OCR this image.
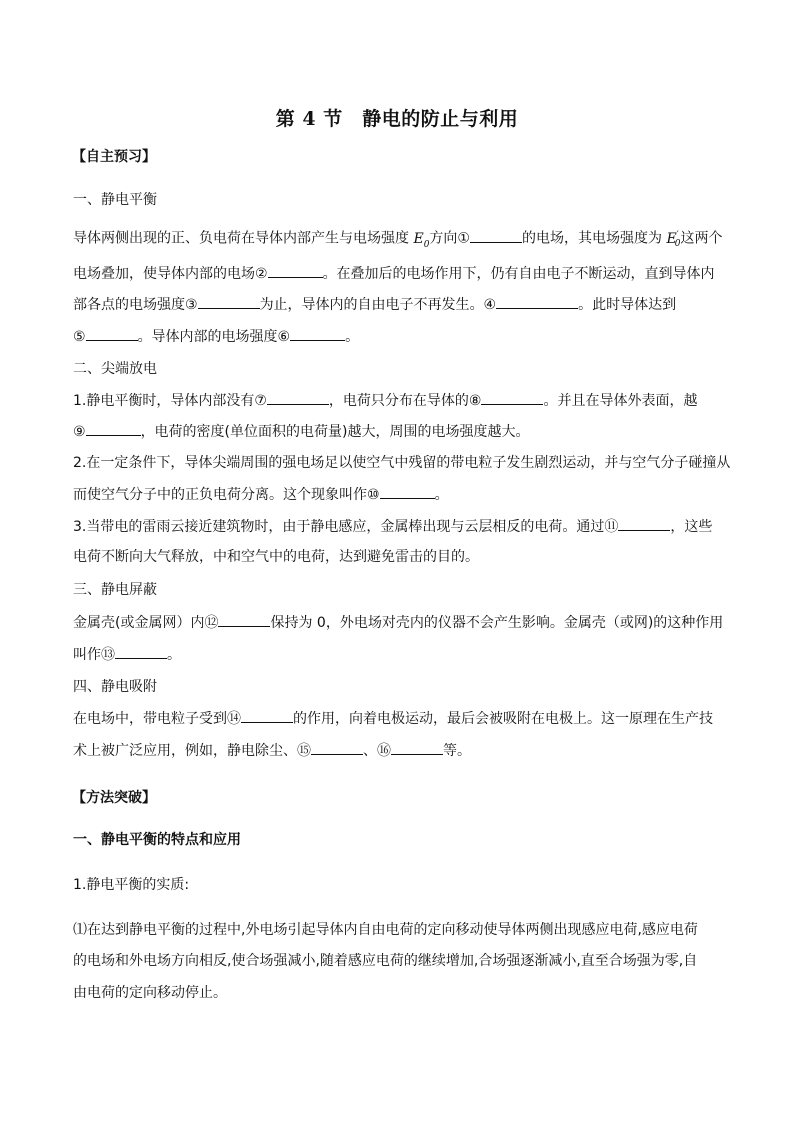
第 4 节　静电的防止与利用
【自主预习】
一、静电平衡
导体两侧出现的正、负电荷在导体内部产生与电场强度 $E_0$方向①	的电场，其电场强度为 $E'_0$这两个
电场叠加，使导体内部的电场②	。在叠加后的电场作用下，仍有自由电子不断运动，直到导体内
部各点的电场强度③	为止，导体内的自由电子不再发生。④	。此时导体达到
⑤	。导体内部的电场强度⑥	。
二、尖端放电
1.静电平衡时，导体内部没有⑦	，电荷只分布在导体的⑧	。并且在导体外表面，越
⑨	，电荷的密度(单位面积的电荷量)越大，周围的电场强度越大。
2.在一定条件下，导体尖端周围的强电场足以使空气中残留的带电粒子发生剧烈运动，并与空气分子碰撞从
而使空气分子中的正负电荷分离。这个现象叫作⑩	。
3.当带电的雷雨云接近建筑物时，由于静电感应，金属棒出现与云层相反的电荷。通过⑪	，这些
电荷不断向大气释放，中和空气中的电荷，达到避免雷击的目的。
三、静电屏蔽
金属壳(或金属网）内⑫	保持为 0，外电场对壳内的仪器不会产生影响。金属壳（或网)的这种作用
叫作⑬	。
四、静电吸附
在电场中，带电粒子受到⑭	的作用，向着电极运动，最后会被吸附在电极上。这一原理在生产技
术上被广泛应用，例如，静电除尘、⑮	、⑯	等。
【方法突破】
一、静电平衡的特点和应用
1.静电平衡的实质:
⑴在达到静电平衡的过程中,外电场引起导体内自由电荷的定向移动使导体两侧出现感应电荷,感应电荷
的电场和外电场方向相反,使合场强减小,随着感应电荷的继续增加,合场强逐渐减小,直至合场强为零,自
由电荷的定向移动停止。
